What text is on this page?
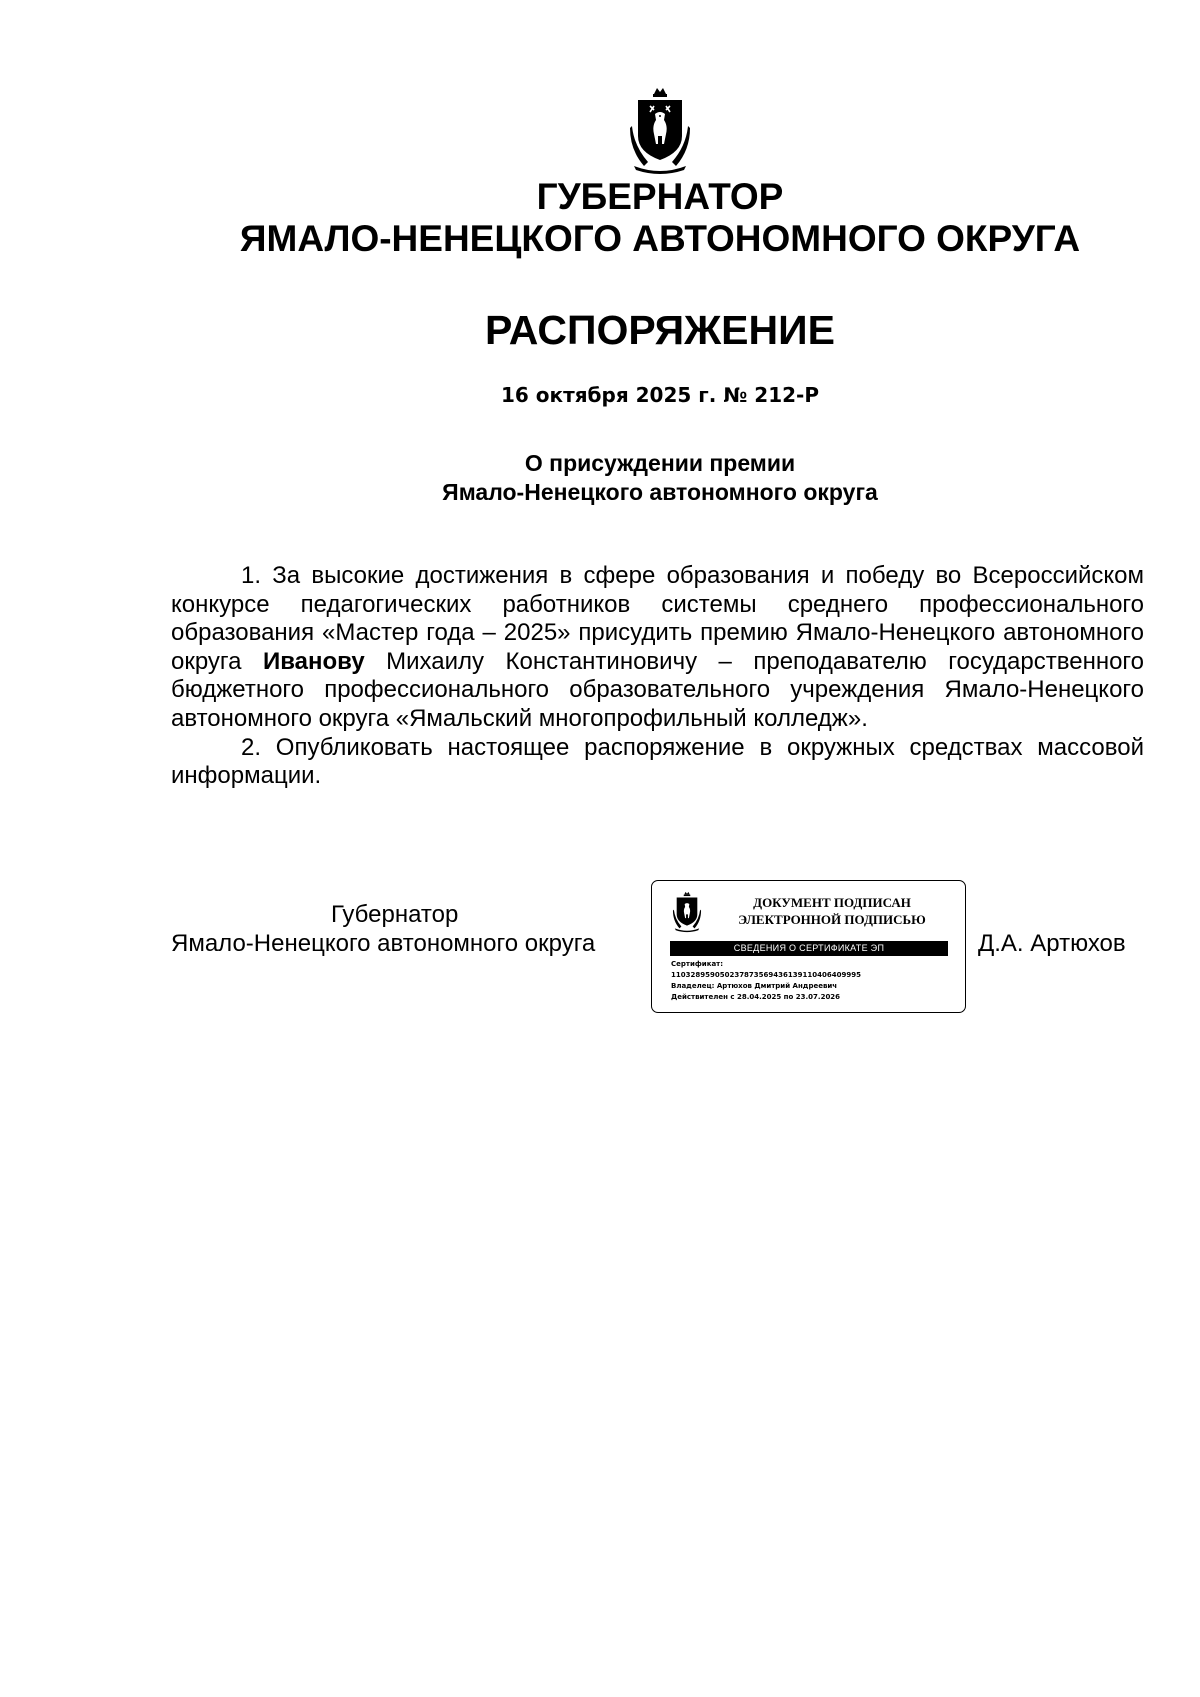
ГУБЕРНАТОР
ЯМАЛО-НЕНЕЦКОГО АВТОНОМНОГО ОКРУГА
РАСПОРЯЖЕНИЕ
16 октября 2025 г. № 212-Р
О присуждении премии
Ямало-Ненецкого автономного округа

1. За высокие достижения в сфере образования и победу во Всероссийском конкурсе педагогических работников системы среднего профессионального образования «Мастер года – 2025» присудить премию Ямало-Ненецкого автономного округа Иванову Михаилу Константиновичу – преподавателю государственного бюджетного профессионального образовательного учреждения Ямало-Ненецкого автономного округа «Ямальский многопрофильный колледж».

2. Опубликовать настоящее распоряжение в окружных средствах массовой информации.

Губернатор
Ямало-Ненецкого автономного округа
ДОКУМЕНТ ПОДПИСАН
ЭЛЕКТРОННОЙ ПОДПИСЬЮ
СВЕДЕНИЯ О СЕРТИФИКАТЕ ЭП
Сертификат:
110328959050237873569436139110406409995
Владелец: Артюхов Дмитрий Андреевич
Действителен с 28.04.2025 по 23.07.2026
Д.А. Артюхов
